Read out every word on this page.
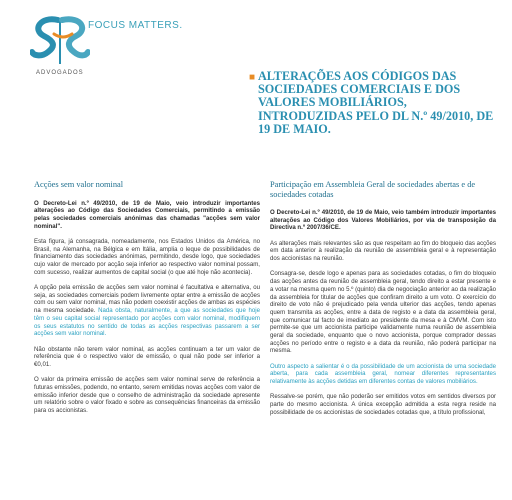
FOCUS MATTERS.
ADVOGADOS	■ ALTERAÇÕES AOS CÓDIGOS DAS SOCIEDADES COMERCIAIS E DOS VALORES MOBILIÁRIOS, INTRODUZIDAS PELO DL N.º 49/2010, DE 19 DE MAIO.
Acções sem valor nominal

O Decreto-Lei n.º 49/2010, de 19 de Maio, veio introduzir importantes alterações ao Código das Sociedades Comerciais, permitindo a emissão pelas sociedades comerciais anónimas das chamadas "acções sem valor nominal".

Esta figura, já consagrada, nomeadamente, nos Estados Unidos da América, no Brasil, na Alemanha, na Bélgica e em Itália, amplia o leque de possibilidades de financiamento das sociedades anónimas, permitindo, desde logo, que sociedades cujo valor de mercado por acção seja inferior ao respectivo valor nominal possam, com sucesso, realizar aumentos de capital social (o que até hoje não acontecia).

A opção pela emissão de acções sem valor nominal é facultativa e alternativa, ou seja, as sociedades comerciais podem livremente optar entre a emissão de acções com ou sem valor nominal, mas não podem coexistir acções de ambas as espécies na mesma sociedade. Nada obsta, naturalmente, a que as sociedades que hoje têm o seu capital social representado por acções com valor nominal, modifiquem os seus estatutos no sentido de todas as acções respectivas passarem a ser acções sem valor nominal.

Não obstante não terem valor nominal, as acções continuam a ter um valor de referência que é o respectivo valor de emissão, o qual não pode ser inferior a €0,01.

O valor da primeira emissão de acções sem valor nominal serve de referência a futuras emissões, podendo, no entanto, serem emitidas novas acções com valor de emissão inferior desde que o conselho de administração da sociedade apresente um relatório sobre o valor fixado e sobre as consequências financeiras da emissão para os accionistas.

Participação em Assembleia Geral de sociedades abertas e de sociedades cotadas

O Decreto-Lei n.º 49/2010, de 19 de Maio, veio também introduzir importantes alterações ao Código dos Valores Mobiliários, por via de transposição da Directiva n.º 2007/36/CE.

As alterações mais relevantes são as que respeitam ao fim do bloqueio das acções em data anterior à realização da reunião de assembleia geral e à representação dos accionistas na reunião.

Consagra-se, desde logo e apenas para as sociedades cotadas, o fim do bloqueio das acções antes da reunião de assembleia geral, tendo direito a estar presente e a votar na mesma quem no 5.º (quinto) dia de negociação anterior ao da realização da assembleia for titular de acções que confiram direito a um voto. O exercício do direito de voto não é prejudicado pela venda ulterior das acções, tendo apenas quem transmita as acções, entre a data de registo e a data da assembleia geral, que comunicar tal facto de imediato ao presidente da mesa e à CMVM. Com isto permite-se que um accionista participe validamente numa reunião de assembleia geral da sociedade, enquanto que o novo accionista, porque comprador dessas acções no período entre o registo e a data da reunião, não poderá participar na mesma.

Outro aspecto a salientar é o da possibilidade de um accionista de uma sociedade aberta, para cada assembleia geral, nomear diferentes representantes relativamente às acções detidas em diferentes contas de valores mobiliários.

Ressalve-se porém, que não poderão ser emitidos votos em sentidos diversos por parte do mesmo accionista. A única excepção admitida a esta regra reside na possibilidade de os accionistas de sociedades cotadas que, a título profissional,
